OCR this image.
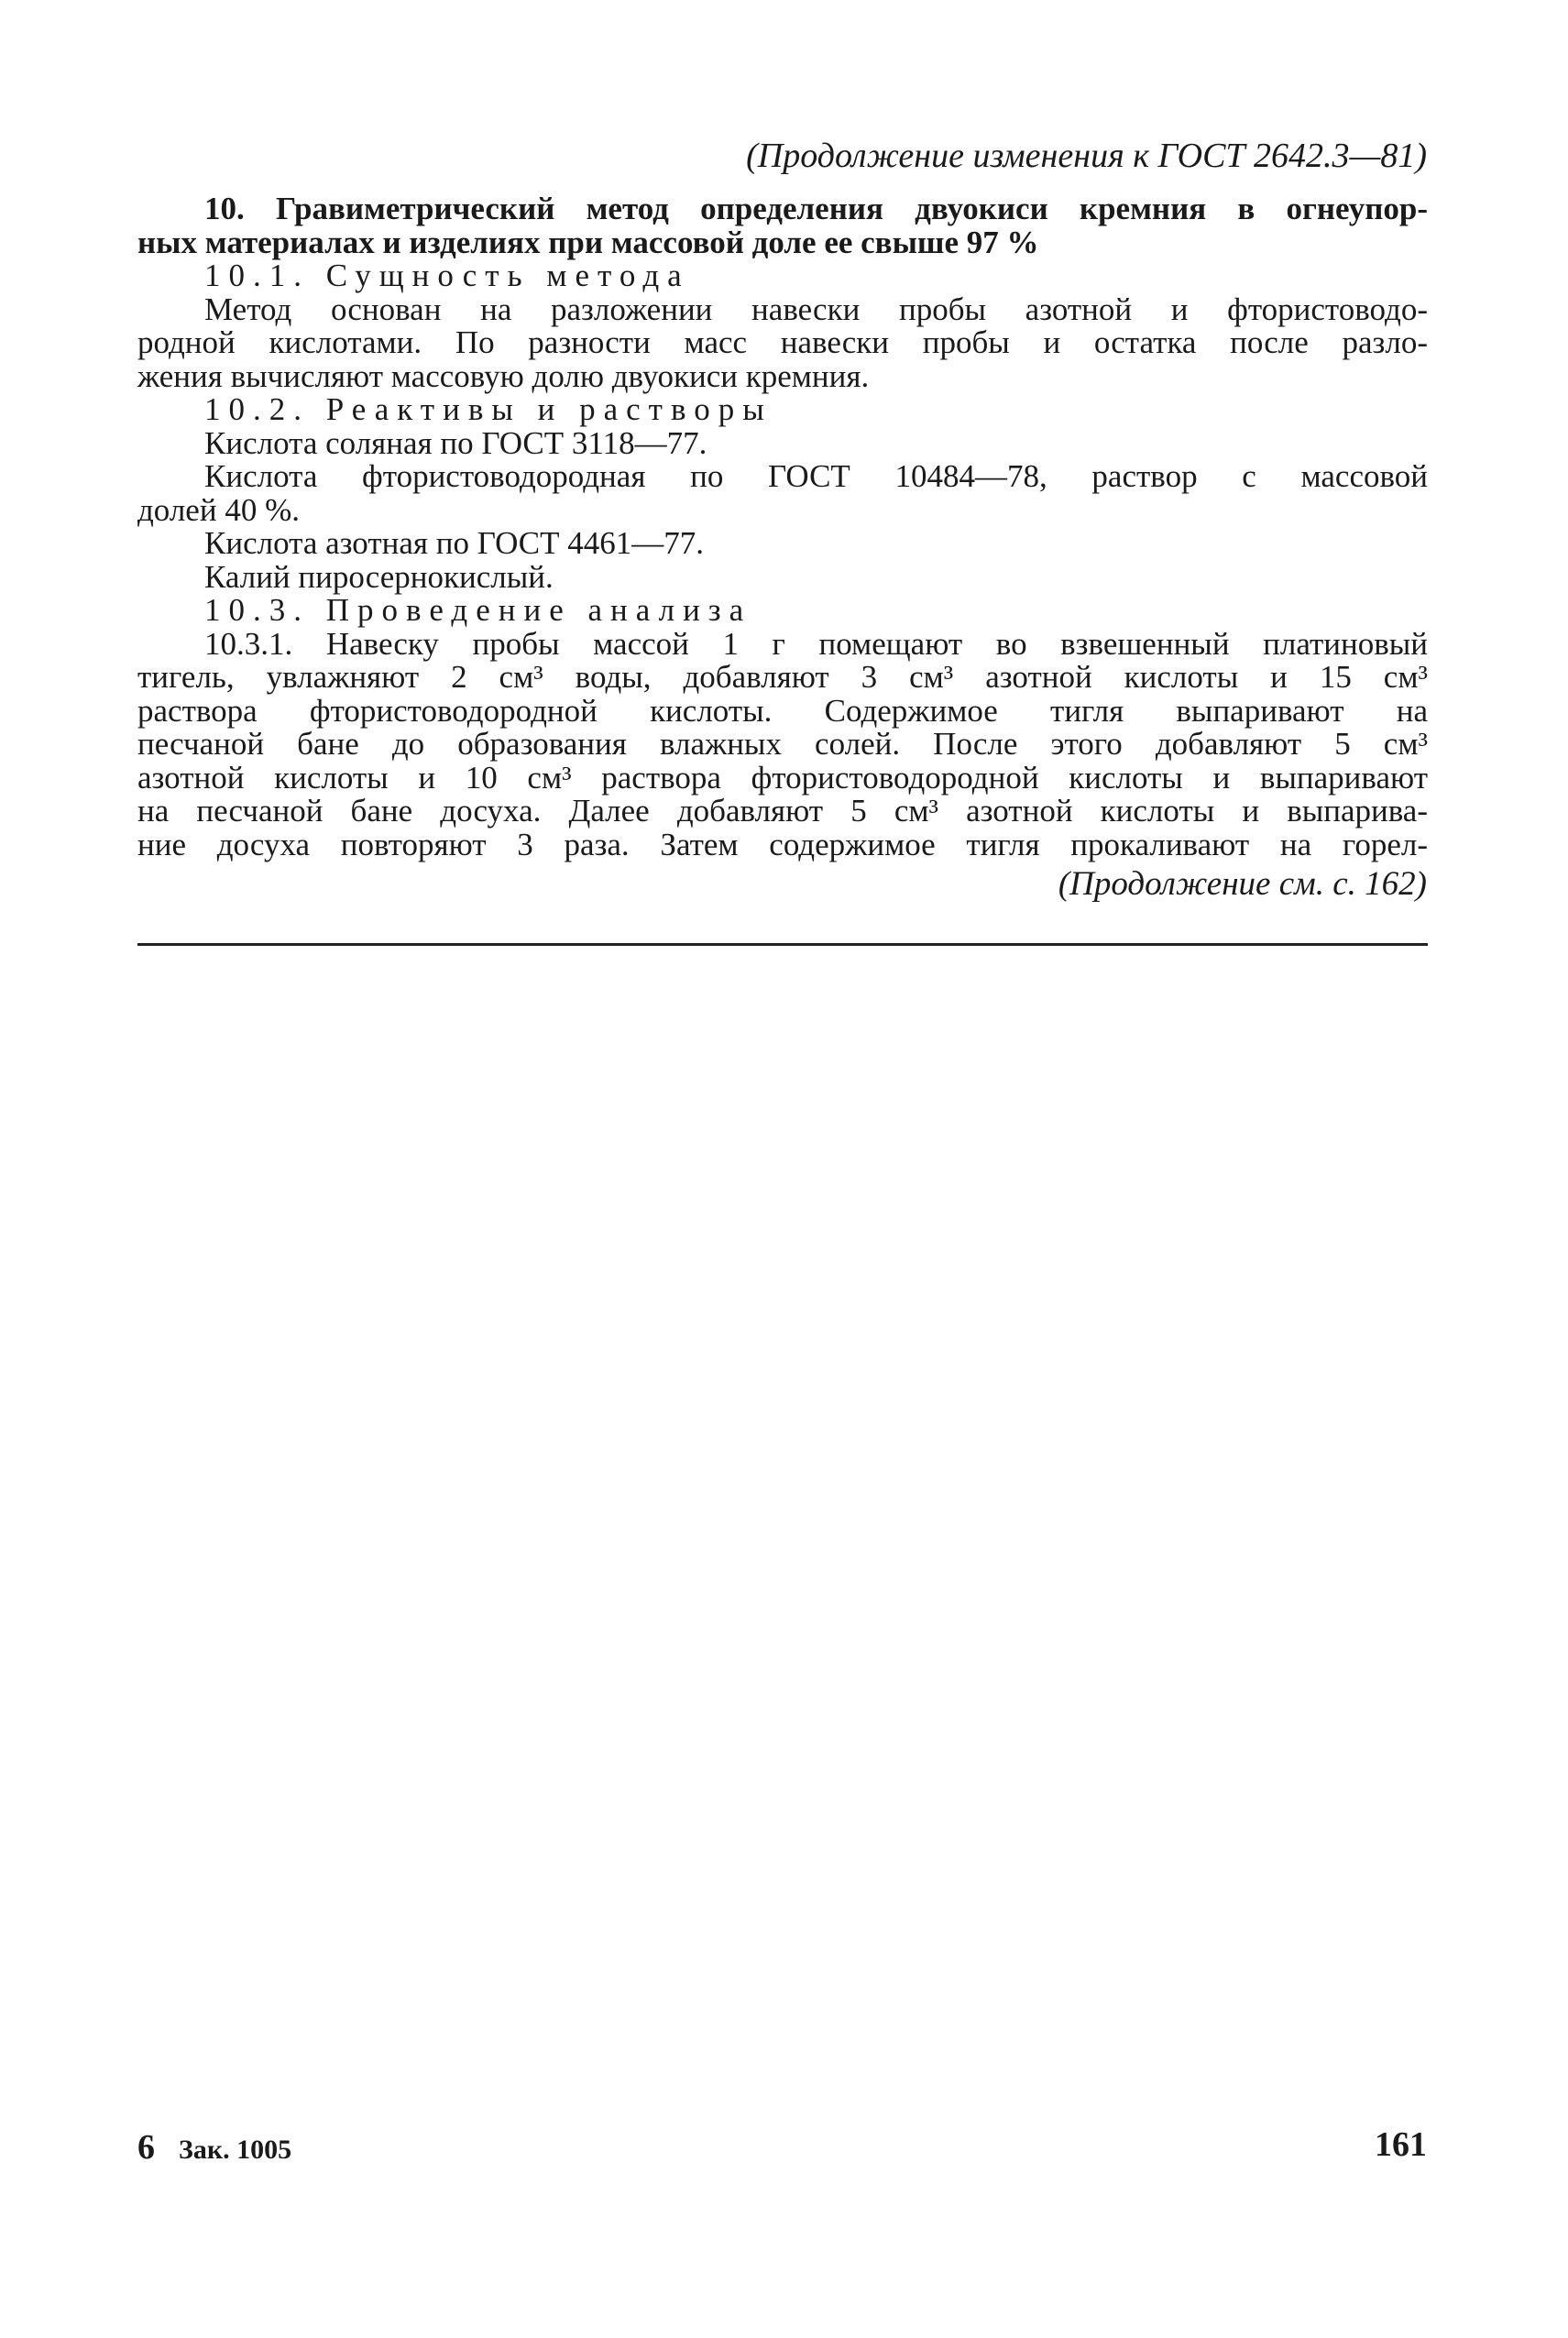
(Продолжение изменения к ГОСТ 2642.3—81)

10. Гравиметрический метод определения двуокиси кремния в огнеупор-

ных материалах и изделиях при массовой доле ее свыше 97 %

10.1. Сущность метода

Метод основан на разложении навески пробы азотной и фтористоводо-

родной кислотами. По разности масс навески пробы и остатка после разло-

жения вычисляют массовую долю двуокиси кремния.

10.2. Реактивы и растворы

Кислота соляная по ГОСТ 3118—77.

Кислота фтористоводородная по ГОСТ 10484—78, раствор с массовой

долей 40 %.

Кислота азотная по ГОСТ 4461—77.

Калий пиросернокислый.

10.3. Проведение анализа

10.3.1. Навеску пробы массой 1 г помещают во взвешенный платиновый

тигель, увлажняют 2 см³ воды, добавляют 3 см³ азотной кислоты и 15 см³

раствора фтористоводородной кислоты. Содержимое тигля выпаривают на

песчаной бане до образования влажных солей. После этого добавляют 5 см³

азотной кислоты и 10 см³ раствора фтористоводородной кислоты и выпаривают

на песчаной бане досуха. Далее добавляют 5 см³ азотной кислоты и выпарива-

ние досуха повторяют 3 раза. Затем содержимое тигля прокаливают на горел-

(Продолжение см. с. 162)
6 Зак. 1005	161
